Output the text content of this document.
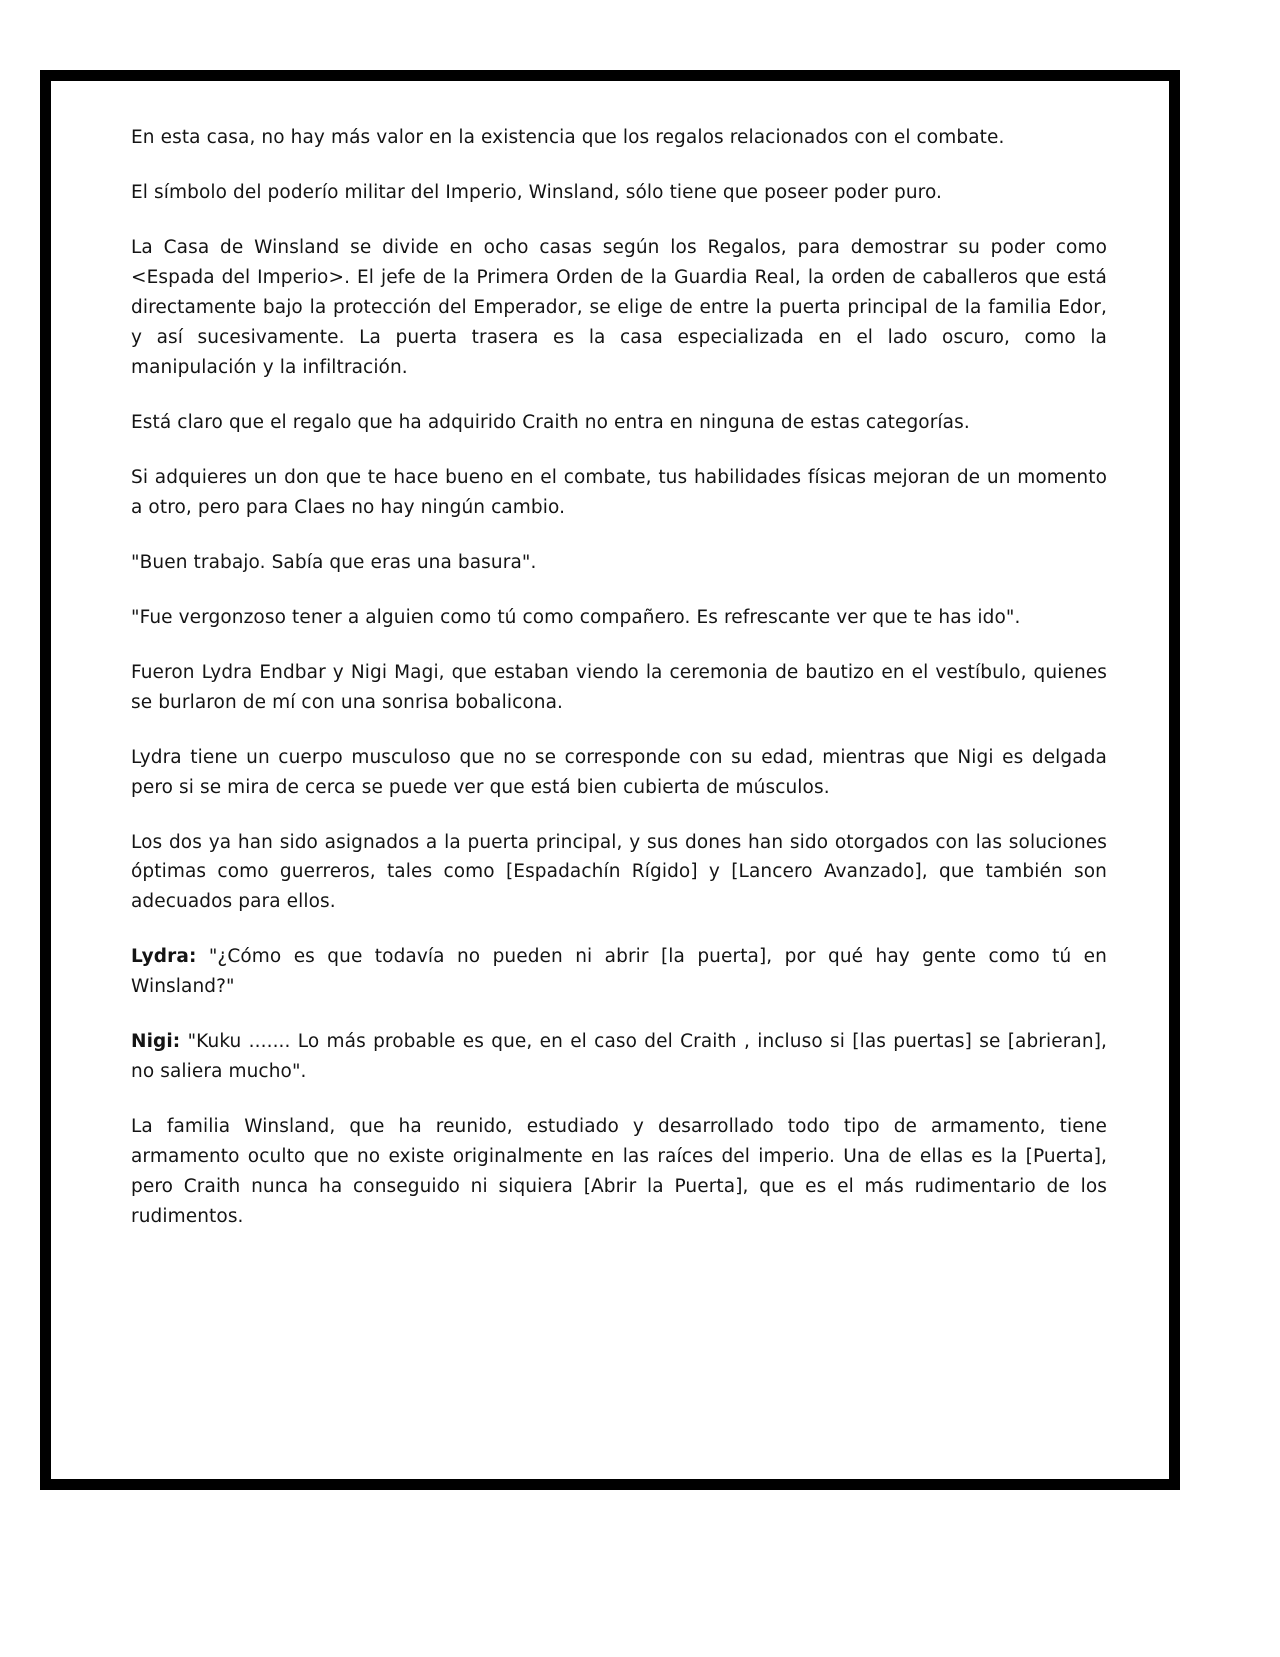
En esta casa, no hay más valor en la existencia que los regalos relacionados con el combate.

El símbolo del poderío militar del Imperio, Winsland, sólo tiene que poseer poder puro.

La Casa de Winsland se divide en ocho casas según los Regalos, para demostrar su poder como <Espada del Imperio>. El jefe de la Primera Orden de la Guardia Real, la orden de caballeros que está directamente bajo la protección del Emperador, se elige de entre la puerta principal de la familia Edor, y así sucesivamente. La puerta trasera es la casa especializada en el lado oscuro, como la manipulación y la infiltración.

Está claro que el regalo que ha adquirido Craith no entra en ninguna de estas categorías.

Si adquieres un don que te hace bueno en el combate, tus habilidades físicas mejoran de un momento a otro, pero para Claes no hay ningún cambio.

"Buen trabajo. Sabía que eras una basura".

"Fue vergonzoso tener a alguien como tú como compañero. Es refrescante ver que te has ido".

Fueron Lydra Endbar y Nigi Magi, que estaban viendo la ceremonia de bautizo en el vestíbulo, quienes se burlaron de mí con una sonrisa bobalicona.

Lydra tiene un cuerpo musculoso que no se corresponde con su edad, mientras que Nigi es delgada pero si se mira de cerca se puede ver que está bien cubierta de músculos.

Los dos ya han sido asignados a la puerta principal, y sus dones han sido otorgados con las soluciones óptimas como guerreros, tales como [Espadachín Rígido] y [Lancero Avanzado], que también son adecuados para ellos.

Lydra: "¿Cómo es que todavía no pueden ni abrir [la puerta], por qué hay gente como tú en Winsland?"

Nigi: "Kuku ....... Lo más probable es que, en el caso del Craith , incluso si [las puertas] se [abrieran], no saliera mucho".

La familia Winsland, que ha reunido, estudiado y desarrollado todo tipo de armamento, tiene armamento oculto que no existe originalmente en las raíces del imperio. Una de ellas es la [Puerta], pero Craith nunca ha conseguido ni siquiera [Abrir la Puerta], que es el más rudimentario de los rudimentos.
